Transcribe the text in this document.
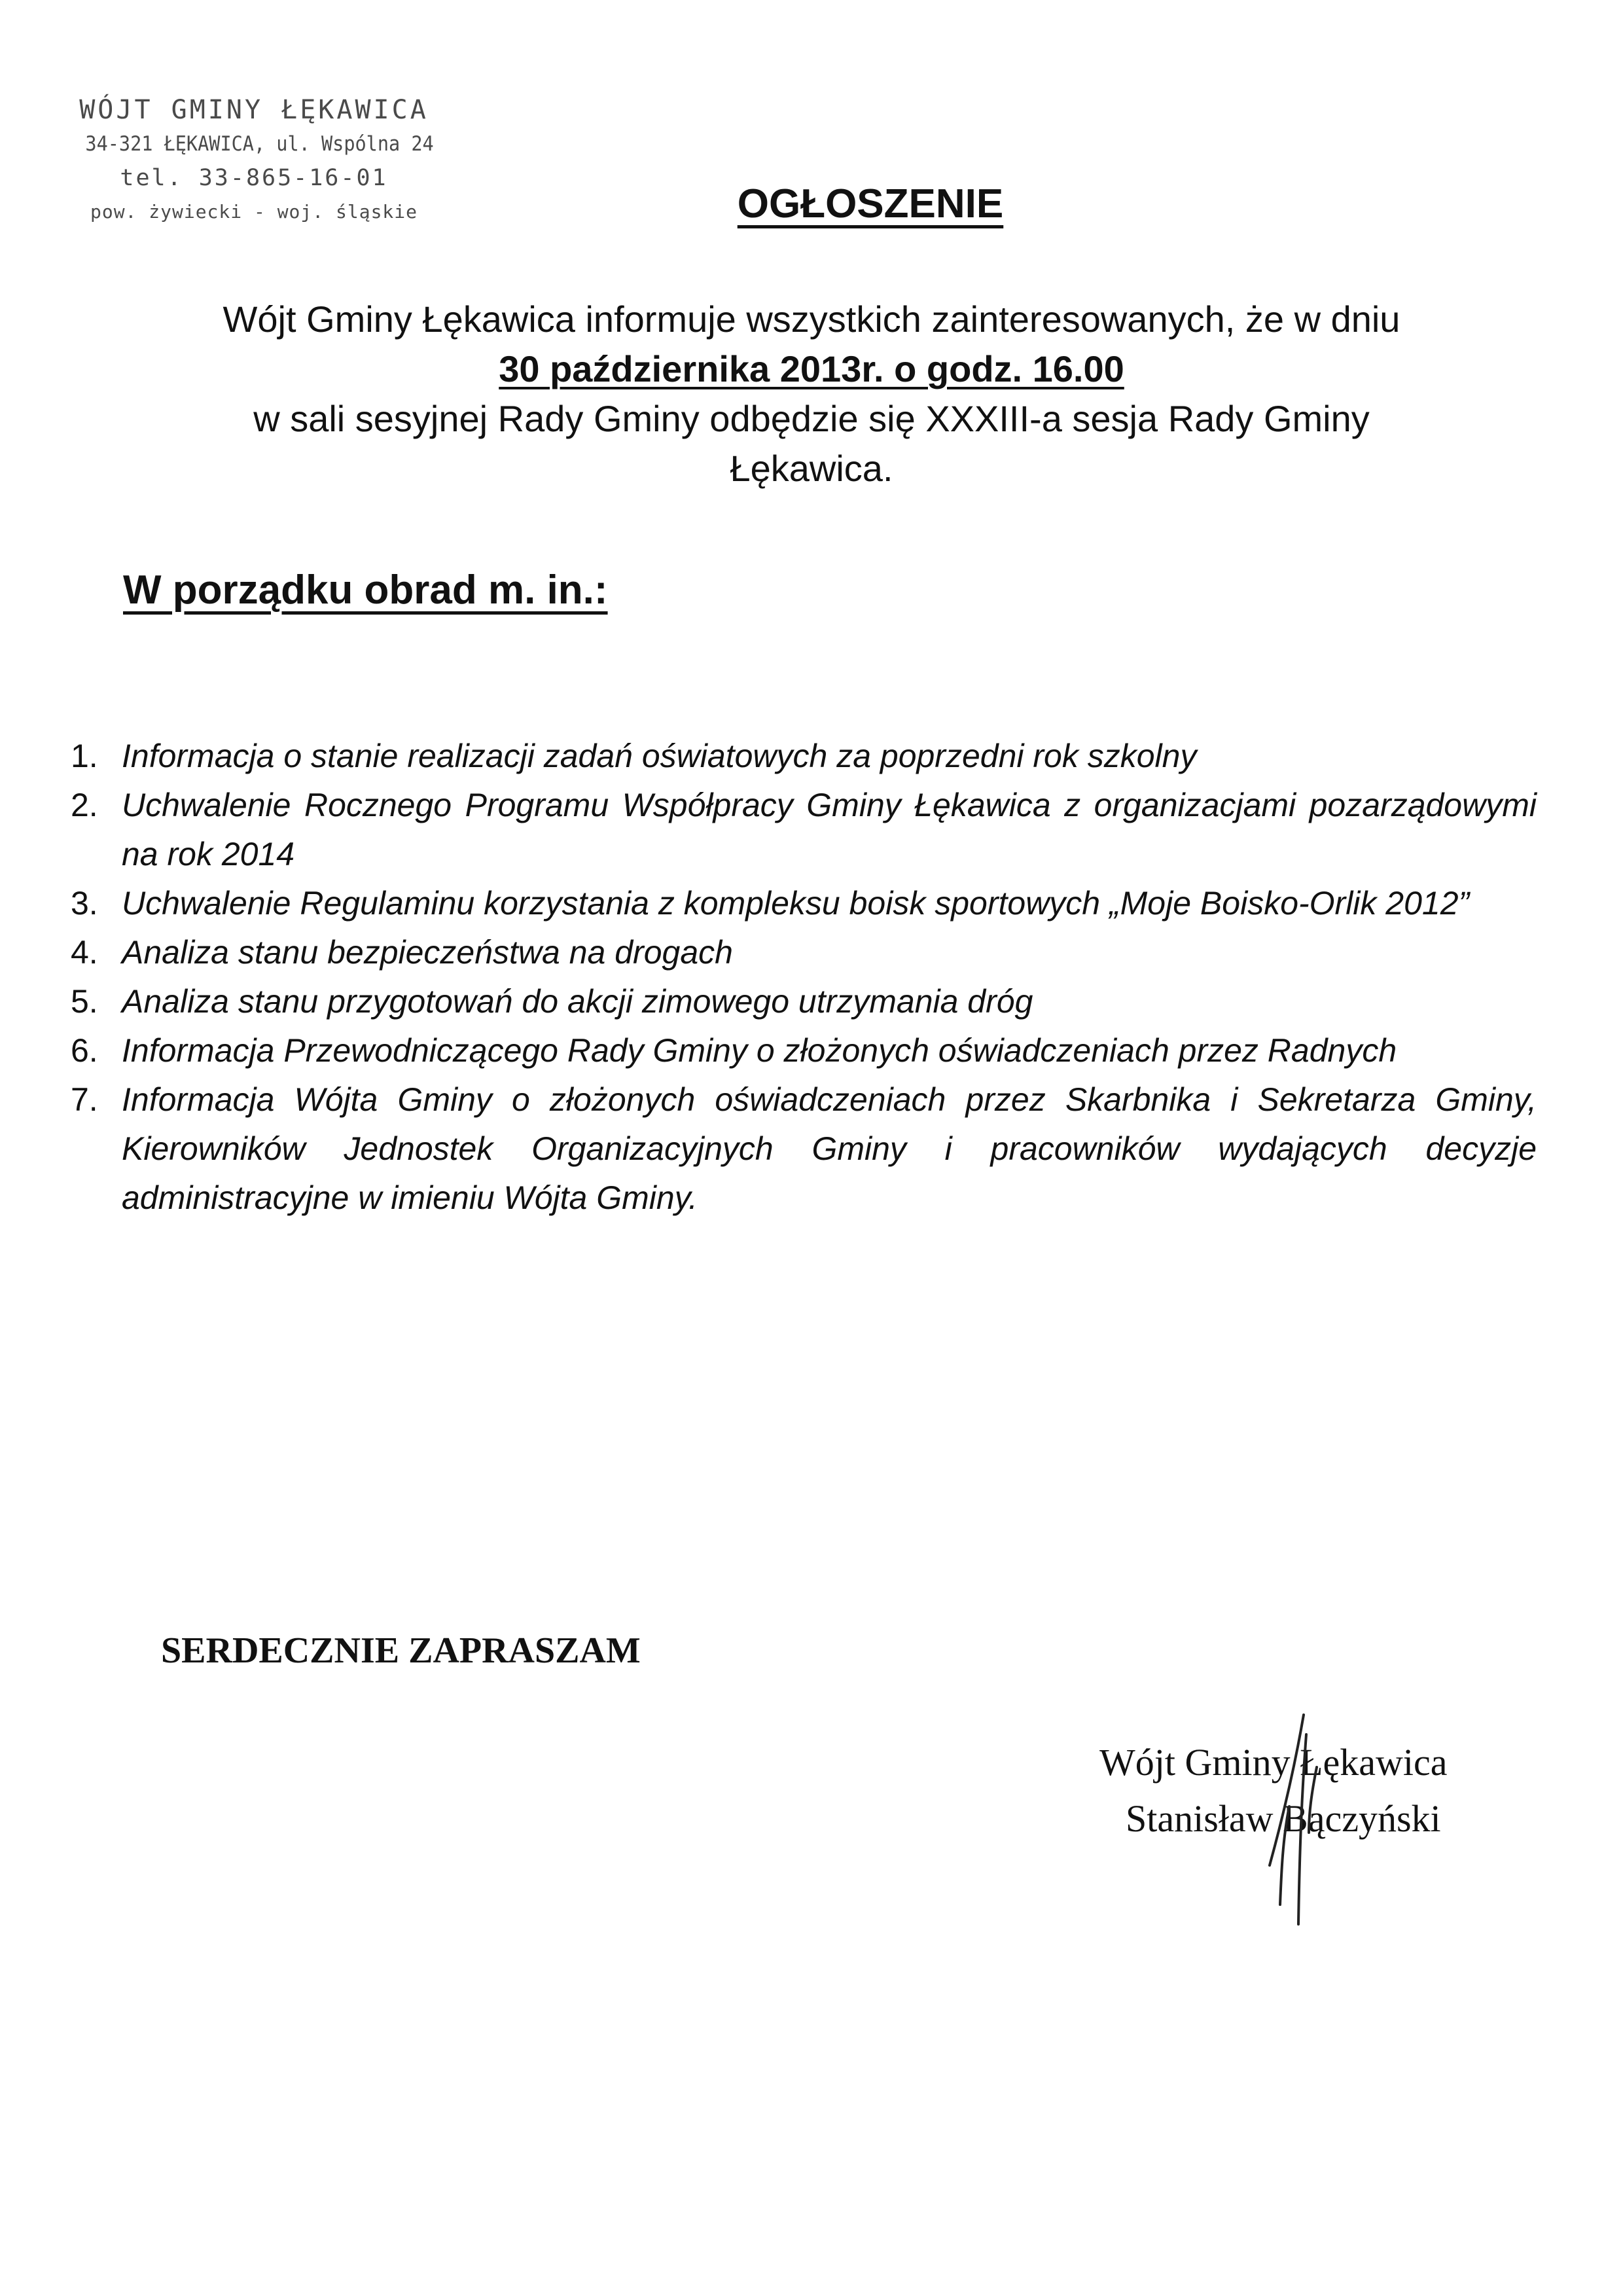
WÓJT GMINY ŁĘKAWICA
34-321 ŁĘKAWICA, ul. Wspólna 24
tel. 33-865-16-01
pow. żywiecki - woj. śląskie	OGŁOSZENIE

Wójt Gminy Łękawica informuje wszystkich zainteresowanych, że w dniu

30 października 2013r. o godz. 16.00

w sali sesyjnej Rady Gminy odbędzie się XXXIII-a sesja Rady Gminy

Łękawica.

W porządku obrad m. in.:
1. Informacja o stanie realizacji zadań oświatowych za poprzedni rok szkolny
2. Uchwalenie Rocznego Programu Współpracy Gminy Łękawica z organizacjami pozarządowymi na rok 2014
3. Uchwalenie Regulaminu korzystania z kompleksu boisk sportowych „Moje Boisko-Orlik 2012”
4. Analiza stanu bezpieczeństwa na drogach
5. Analiza stanu przygotowań do akcji zimowego utrzymania dróg
6. Informacja Przewodniczącego Rady Gminy o złożonych oświadczeniach przez Radnych
7. Informacja Wójta Gminy o złożonych oświadczeniach przez Skarbnika i Sekretarza Gminy, Kierowników Jednostek Organizacyjnych Gminy i pracowników wydających decyzje administracyjne w imieniu Wójta Gminy.
SERDECZNIE ZAPRASZAM
Wójt Gminy Łękawica
Stanisław Bączyński
